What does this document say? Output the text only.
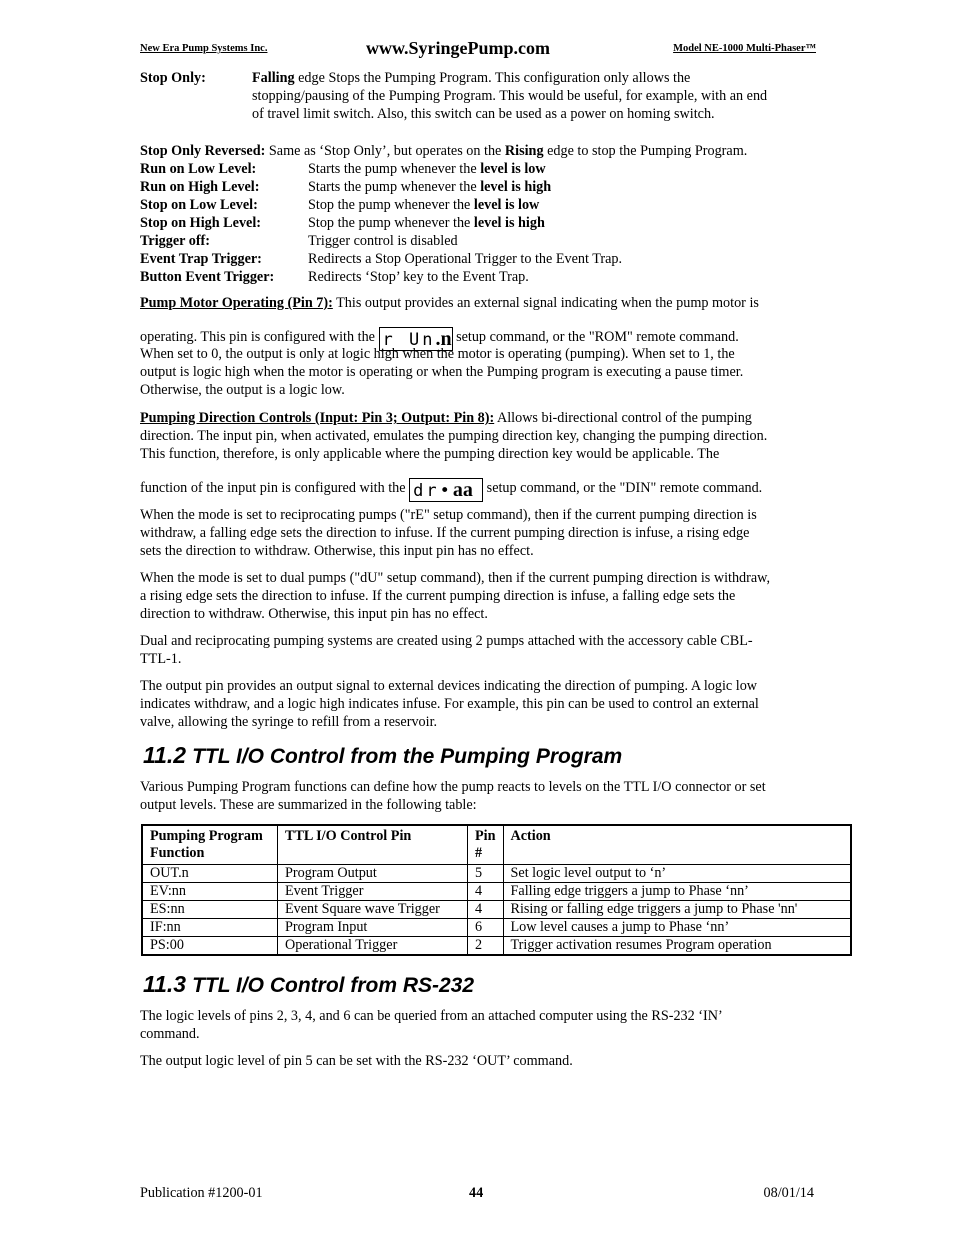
New Era Pump Systems Inc.	www.SyringePump.com	Model NE-1000 Multi-Phaser™
Stop Only:	Falling edge Stops the Pumping Program. This configuration only allows the
stopping/pausing of the Pumping Program. This would be useful, for example, with an end
of travel limit switch. Also, this switch can be used as a power on homing switch.
Stop Only Reversed: Same as ‘Stop Only’, but operates on the Rising edge to stop the Pumping Program.
Run on Low Level:	Starts the pump whenever the level is low
Run on High Level:	Starts the pump whenever the level is high
Stop on Low Level:	Stop the pump whenever the level is low
Stop on High Level:	Stop the pump whenever the level is high
Trigger off:	Trigger control is disabled
Event Trap Trigger:	Redirects a Stop Operational Trigger to the Event Trap.
Button Event Trigger: Redirects ‘Stop’ key to the Event Trap.
Pump Motor Operating (Pin 7): This output provides an external signal indicating when the pump motor is
operating. This pin is configured with the r Un.n setup command, or the "ROM" remote command.
When set to 0, the output is only at logic high when the motor is operating (pumping). When set to 1, the
output is logic high when the motor is operating or when the Pumping program is executing a pause timer.
Otherwise, the output is a logic low.
Pumping Direction Controls (Input: Pin 3; Output: Pin 8): Allows bi-directional control of the pumping
direction. The input pin, when activated, emulates the pumping direction key, changing the pumping direction.
This function, therefore, is only applicable where the pumping direction key would be applicable. The
function of the input pin is configured with the dr•aa setup command, or the "DIN" remote command.
When the mode is set to reciprocating pumps ("rE" setup command), then if the current pumping direction is
withdraw, a falling edge sets the direction to infuse. If the current pumping direction is infuse, a rising edge
sets the direction to withdraw. Otherwise, this input pin has no effect.
When the mode is set to dual pumps ("dU" setup command), then if the current pumping direction is withdraw,
a rising edge sets the direction to infuse. If the current pumping direction is infuse, a falling edge sets the
direction to withdraw. Otherwise, this input pin has no effect.
Dual and reciprocating pumping systems are created using 2 pumps attached with the accessory cable CBL-
TTL-1.
The output pin provides an output signal to external devices indicating the direction of pumping. A logic low
indicates withdraw, and a logic high indicates infuse. For example, this pin can be used to control an external
valve, allowing the syringe to refill from a reservoir.
11.2 TTL I/O Control from the Pumping Program
Various Pumping Program functions can define how the pump reacts to levels on the TTL I/O connector or set
output levels. These are summarized in the following table:
Pumping Program Function	TTL I/O Control Pin	Pin #	Action
OUT.n	Program Output	5	Set logic level output to ‘n’
EV:nn	Event Trigger	4	Falling edge triggers a jump to Phase ‘nn’
ES:nn	Event Square wave Trigger	4	Rising or falling edge triggers a jump to Phase 'nn'
IF:nn	Program Input	6	Low level causes a jump to Phase ‘nn’
PS:00	Operational Trigger	2	Trigger activation resumes Program operation
11.3 TTL I/O Control from RS-232
The logic levels of pins 2, 3, 4, and 6 can be queried from an attached computer using the RS-232 ‘IN’
command.
The output logic level of pin 5 can be set with the RS-232 ‘OUT’ command.
Publication #1200-01	44	08/01/14
